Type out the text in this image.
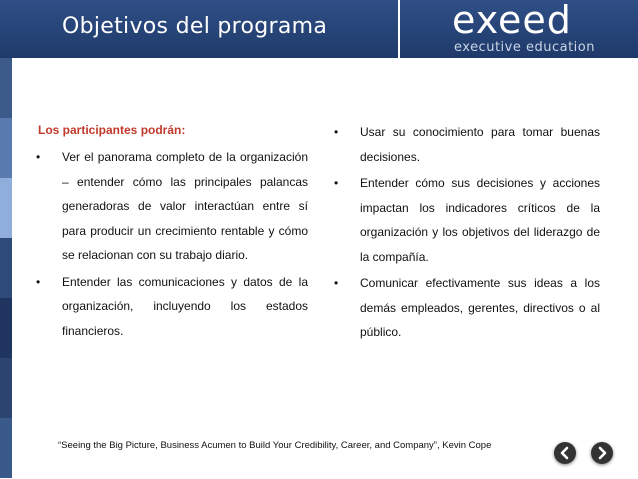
Objetivos del programa	exeed
executive education
Los participantes podrán:
• Ver el panorama completo de la organización – entender cómo las principales palancas generadoras de valor interactúan entre sí para producir un crecimiento rentable y cómo se relacionan con su trabajo diario.
• Entender las comunicaciones y datos de la organización, incluyendo los estados financieros.
• Usar su conocimiento para tomar buenas decisiones.
• Entender cómo sus decisiones y acciones impactan los indicadores críticos de la organización y los objetivos del liderazgo de la compañía.
• Comunicar efectivamente sus ideas a los demás empleados, gerentes, directivos o al público.
“Seeing the Big Picture, Business Acumen to Build Your Credibility, Career, and Company”, Kevin Cope
